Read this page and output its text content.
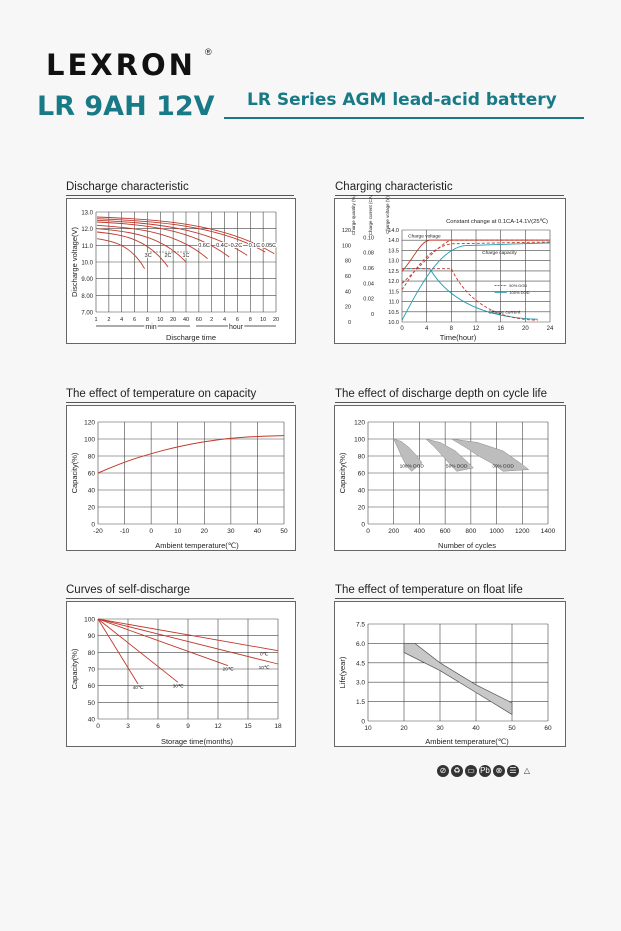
LEXRON ®
LR 9AH 12V LR Series AGM lead-acid battery
Discharge characteristic	Charging characteristic
The effect of temperature on capacity	The effect of discharge depth on cycle life
Curves of self-discharge	The effect of temperature on float life
13.0
12.0
11.0
10.0
9.00
8.00
7.00
1 2 4 6 8 10 20 40 60 2 4 6 8 10 20
min	hour
Discharge time
Discharge voltage(V)	3C 2C 1C
0.6C 0.4C 0.2C 0.1C 0.05C
Charge quantity (%)	Charge current (CA)	Charge voltage (V)	Constant change at 0.1CA-14.1V(25℃)
120
100
80
60
40
20
0
0.10
0.08
0.06
0.04
0.02
0
14.0
14.0
13.5
13.0
12.5
12.0
11.5
11.0
10.5
10.0
0	4	8	12	16	20	24
Time(hour)
Charge voltage
Charge capacity
Charge current
100% DOD
50% DOD
120
100
80
60
40
20
0
-20	-10	0	10	20	30	40	50
Ambient temperature(℃)
Capacity(%)
120
100
80
60
40
20
0
0	200 400 600 800 1000 1200 1400
Number of cycles
Capacity(%)	100% DOD	50% DOD	30% DOD
100
90
80
70
60
50
40
0	3	6	9	12	15	18
Storage time(months)
Capacity(%)	40℃	30℃
20℃	10℃
0℃
7.5
6.0
4.5
3.0
1.5
0
10	20	30	40	50	60
Ambient temperature(℃)
Life(year)
⊘ ♻ ▭ Pb ⊗ ☰ △
